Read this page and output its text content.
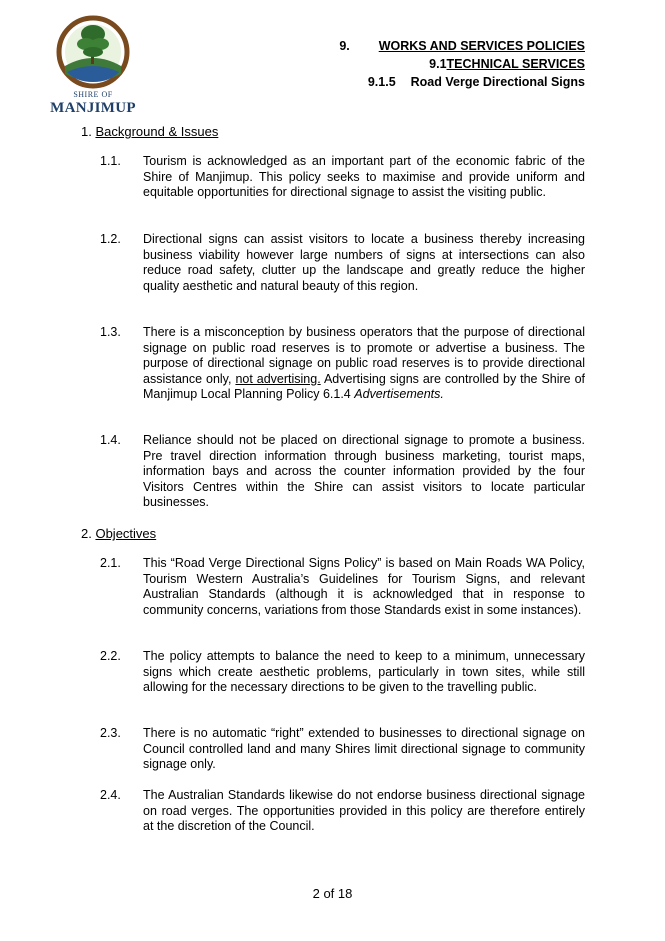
SHIRE OF
MANJIMUP
9. WORKS AND SERVICES POLICIES
9.1TECHNICAL SERVICES
9.1.5 Road Verge Directional Signs
1. Background & Issues
1.1. Tourism is acknowledged as an important part of the economic fabric of the Shire of Manjimup. This policy seeks to maximise and provide uniform and equitable opportunities for directional signage to assist the visiting public.
1.2. Directional signs can assist visitors to locate a business thereby increasing business viability however large numbers of signs at intersections can also reduce road safety, clutter up the landscape and greatly reduce the higher quality aesthetic and natural beauty of this region.
1.3. There is a misconception by business operators that the purpose of directional signage on public road reserves is to promote or advertise a business. The purpose of directional signage on public road reserves is to provide directional assistance only, not advertising. Advertising signs are controlled by the Shire of Manjimup Local Planning Policy 6.1.4 Advertisements.
1.4. Reliance should not be placed on directional signage to promote a business. Pre travel direction information through business marketing, tourist maps, information bays and across the counter information provided by the four Visitors Centres within the Shire can assist visitors to locate particular businesses.
2. Objectives
2.1. This “Road Verge Directional Signs Policy” is based on Main Roads WA Policy, Tourism Western Australia’s Guidelines for Tourism Signs, and relevant Australian Standards (although it is acknowledged that in response to community concerns, variations from those Standards exist in some instances).
2.2. The policy attempts to balance the need to keep to a minimum, unnecessary signs which create aesthetic problems, particularly in town sites, while still allowing for the necessary directions to be given to the travelling public.
2.3. There is no automatic “right” extended to businesses to directional signage on Council controlled land and many Shires limit directional signage to community signage only.
2.4. The Australian Standards likewise do not endorse business directional signage on road verges. The opportunities provided in this policy are therefore entirely at the discretion of the Council.
2 of 18
